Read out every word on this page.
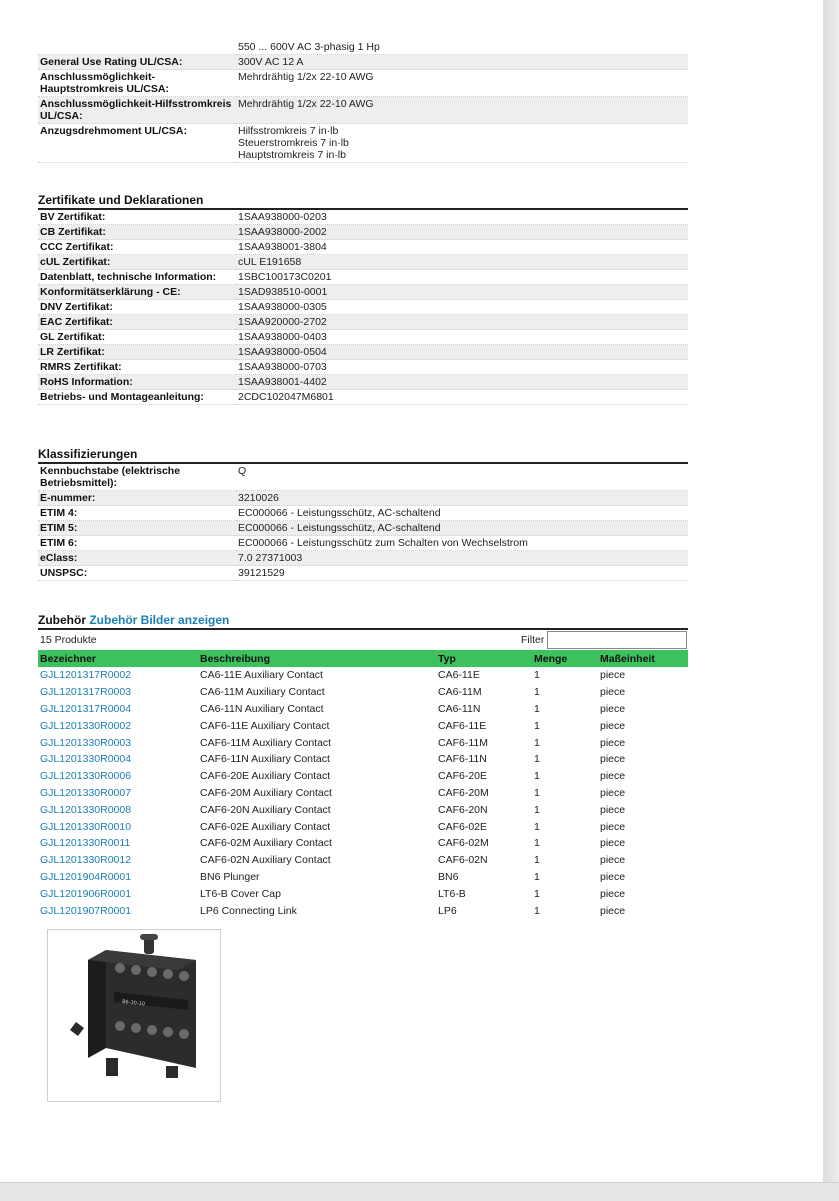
	550 ... 600V AC 3-phasig 1 Hp
General Use Rating UL/CSA:	300V AC 12 A
Anschlussmöglichkeit-Hauptstromkreis UL/CSA:	Mehrdrähtig 1/2x 22-10 AWG
Anschlussmöglichkeit-Hilfsstromkreis UL/CSA:	Mehrdrähtig 1/2x 22-10 AWG
Anzugsdrehmoment UL/CSA:	Hilfsstromkreis 7 in·lb
Steuerstromkreis 7 in·lb
Hauptstromkreis 7 in·lb
Zertifikate und Deklarationen
BV Zertifikat:	1SAA938000-0203
CB Zertifikat:	1SAA938000-2002
CCC Zertifikat:	1SAA938001-3804
cUL Zertifikat:	cUL E191658
Datenblatt, technische Information:	1SBC100173C0201
Konformitätserklärung - CE:	1SAD938510-0001
DNV Zertifikat:	1SAA938000-0305
EAC Zertifikat:	1SAA920000-2702
GL Zertifikat:	1SAA938000-0403
LR Zertifikat:	1SAA938000-0504
RMRS Zertifikat:	1SAA938000-0703
RoHS Information:	1SAA938001-4402
Betriebs- und Montageanleitung:	2CDC102047M6801
Klassifizierungen
Kennbuchstabe (elektrische Betriebsmittel):	Q
E-nummer:	3210026
ETIM 4:	EC000066 - Leistungsschütz, AC-schaltend
ETIM 5:	EC000066 - Leistungsschütz, AC-schaltend
ETIM 6:	EC000066 - Leistungsschütz zum Schalten von Wechselstrom
eClass:	7.0 27371003
UNSPSC:	39121529
Zubehör Zubehör Bilder anzeigen
15 Produkte	Filter
Bezeichner	Beschreibung	Typ	Menge	Maßeinheit
GJL1201317R0002	CA6-11E Auxiliary Contact	CA6-11E	1	piece
GJL1201317R0003	CA6-11M Auxiliary Contact	CA6-11M	1	piece
GJL1201317R0004	CA6-11N Auxiliary Contact	CA6-11N	1	piece
GJL1201330R0002	CAF6-11E Auxiliary Contact	CAF6-11E	1	piece
GJL1201330R0003	CAF6-11M Auxiliary Contact	CAF6-11M	1	piece
GJL1201330R0004	CAF6-11N Auxiliary Contact	CAF6-11N	1	piece
GJL1201330R0006	CAF6-20E Auxiliary Contact	CAF6-20E	1	piece
GJL1201330R0007	CAF6-20M Auxiliary Contact	CAF6-20M	1	piece
GJL1201330R0008	CAF6-20N Auxiliary Contact	CAF6-20N	1	piece
GJL1201330R0010	CAF6-02E Auxiliary Contact	CAF6-02E	1	piece
GJL1201330R0011	CAF6-02M Auxiliary Contact	CAF6-02M	1	piece
GJL1201330R0012	CAF6-02N Auxiliary Contact	CAF6-02N	1	piece
GJL1201904R0001	BN6 Plunger	BN6	1	piece
GJL1201906R0001	LT6-B Cover Cap	LT6-B	1	piece
GJL1201907R0001	LP6 Connecting Link	LP6	1	piece
B6-30-10
